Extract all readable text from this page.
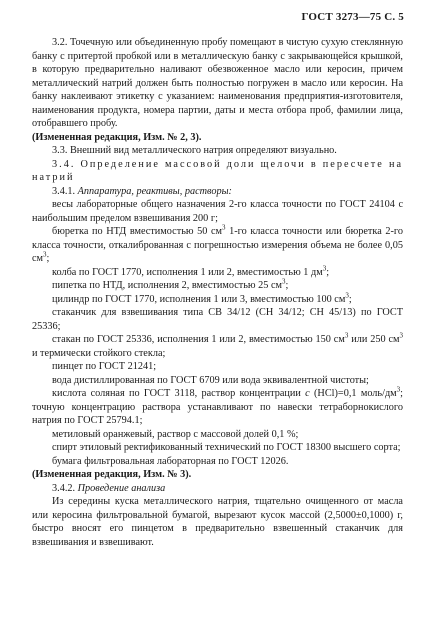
ГОСТ 3273—75 С. 5

3.2. Точечную или объединенную пробу помещают в чистую сухую стеклянную банку с притертой пробкой или в металлическую банку с закрывающейся крышкой, в которую предварительно наливают обезвоженное масло или керосин, причем металлический натрий должен быть полностью погружен в масло или керосин. На банку наклеивают этикетку с указанием: наименования предприятия-изготовителя, наименования продукта, номера партии, даты и места отбора проб, фамилии лица, отобравшего пробу.

(Измененная редакция, Изм. № 2, 3).

3.3. Внешний вид металлического натрия определяют визуально.

3.4. Определение массовой доли щелочи в пересчете на натрий

3.4.1. Аппаратура, реактивы, растворы:

весы лабораторные общего назначения 2-го класса точности по ГОСТ 24104 с наибольшим пределом взвешивания 200 г;

бюретка по НТД вместимостью 50 $см^3$ 1-го класса точности или бюретка 2-го класса точности, откалиброванная с погрешностью измерения объема не более 0,05 $см^3$;

колба по ГОСТ 1770, исполнения 1 или 2, вместимостью 1 $дм^3$;

пипетка по НТД, исполнения 2, вместимостью 25 $см^3$;

цилиндр по ГОСТ 1770, исполнения 1 или 3, вместимостью 100 $см^3$;

стаканчик для взвешивания типа СВ 34/12 (СН 34/12; СН 45/13) по ГОСТ 25336;

стакан по ГОСТ 25336, исполнения 1 или 2, вместимостью 150 $см^3$ или 250 $см^3$ и термически стойкого стекла;

пинцет по ГОСТ 21241;

вода дистиллированная по ГОСТ 6709 или вода эквивалентной чистоты;

кислота соляная по ГОСТ 3118, раствор концентрации с (HCl)=0,1 моль/$дм^3$; точную концентрацию раствора устанавливают по навески тетраборнокислого натрия по ГОСТ 25794.1;

метиловый оранжевый, раствор с массовой долей 0,1 %;

спирт этиловый ректификованный технический по ГОСТ 18300 высшего сорта;

бумага фильтровальная лабораторная по ГОСТ 12026.

(Измененная редакция, Изм. № 3).

3.4.2. Проведение анализа

Из середины куска металлического натрия, тщательно очищенного от масла или керосина фильтровальной бумагой, вырезают кусок массой (2,5000±0,1000) г, быстро вносят его пинцетом в предварительно взвешенный стаканчик для взвешивания и взвешивают.
